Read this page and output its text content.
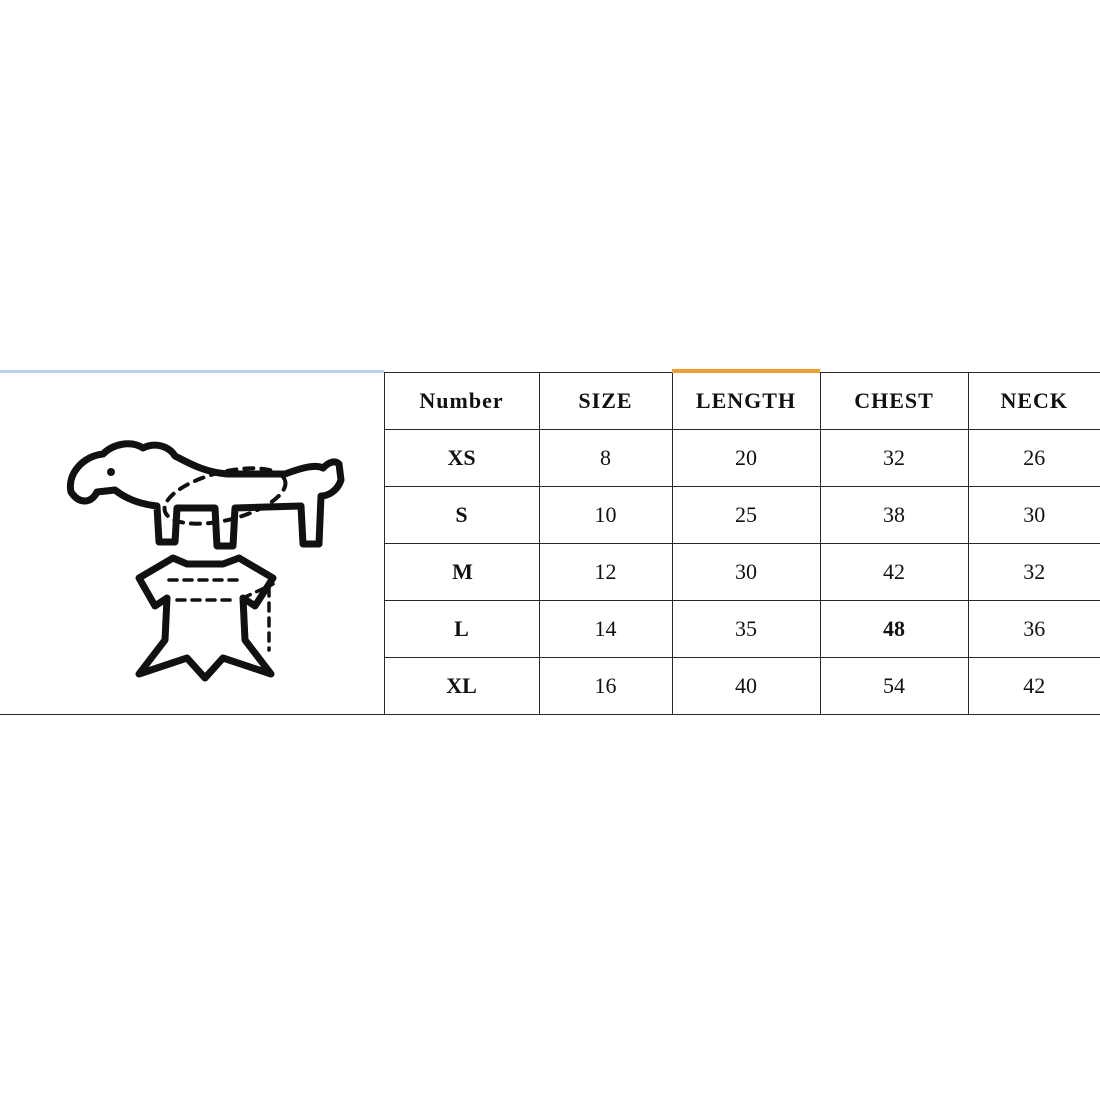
	Number	SIZE	LENGTH	CHEST	NECK
	XS	8	20	32	26
	S	10	25	38	30
	M	12	30	42	32
	L	14	35	48	36
	XL	16	40	54	42
